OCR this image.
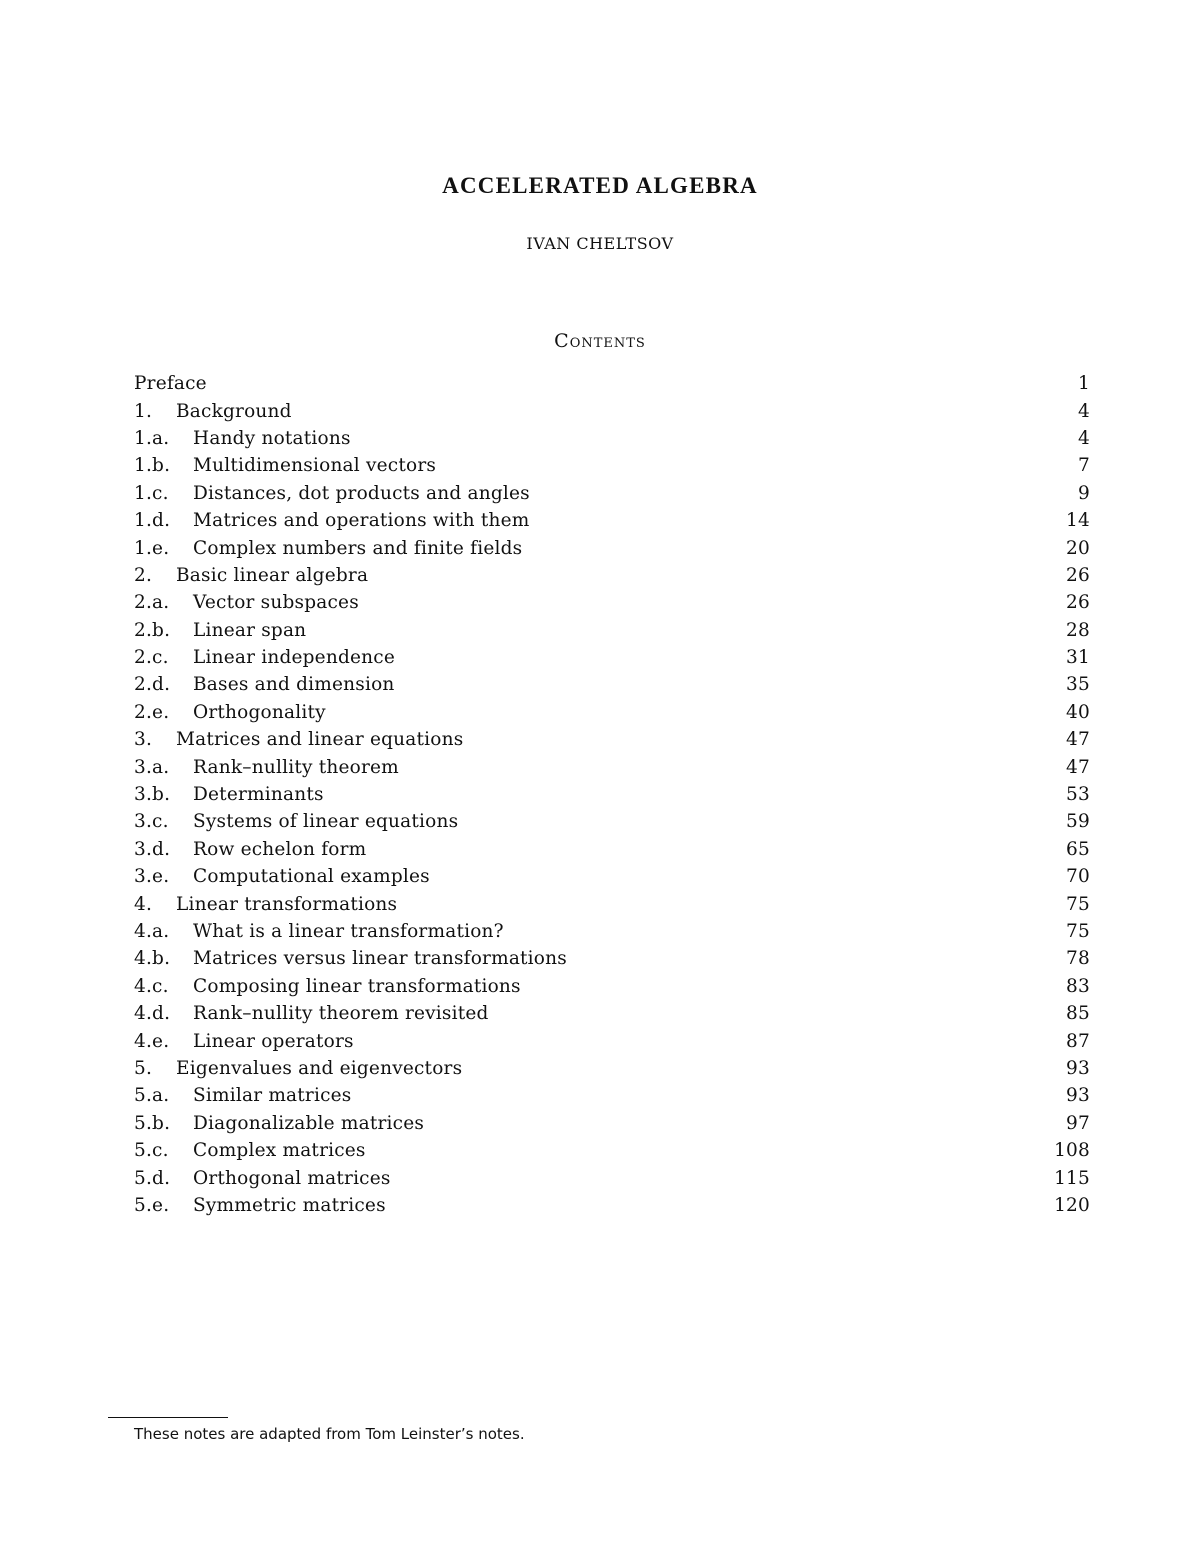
ACCELERATED ALGEBRA
IVAN CHELTSOV
Contents
Preface	1
1.	Background	4
1.a.	Handy notations	4
1.b.	Multidimensional vectors	7
1.c.	Distances, dot products and angles	9
1.d.	Matrices and operations with them	14
1.e.	Complex numbers and finite fields	20
2.	Basic linear algebra	26
2.a.	Vector subspaces	26
2.b.	Linear span	28
2.c.	Linear independence	31
2.d.	Bases and dimension	35
2.e.	Orthogonality	40
3.	Matrices and linear equations	47
3.a.	Rank–nullity theorem	47
3.b.	Determinants	53
3.c.	Systems of linear equations	59
3.d.	Row echelon form	65
3.e.	Computational examples	70
4.	Linear transformations	75
4.a.	What is a linear transformation?	75
4.b.	Matrices versus linear transformations	78
4.c.	Composing linear transformations	83
4.d.	Rank–nullity theorem revisited	85
4.e.	Linear operators	87
5.	Eigenvalues and eigenvectors	93
5.a.	Similar matrices	93
5.b.	Diagonalizable matrices	97
5.c.	Complex matrices	108
5.d.	Orthogonal matrices	115
5.e.	Symmetric matrices	120
These notes are adapted from Tom Leinster’s notes.
